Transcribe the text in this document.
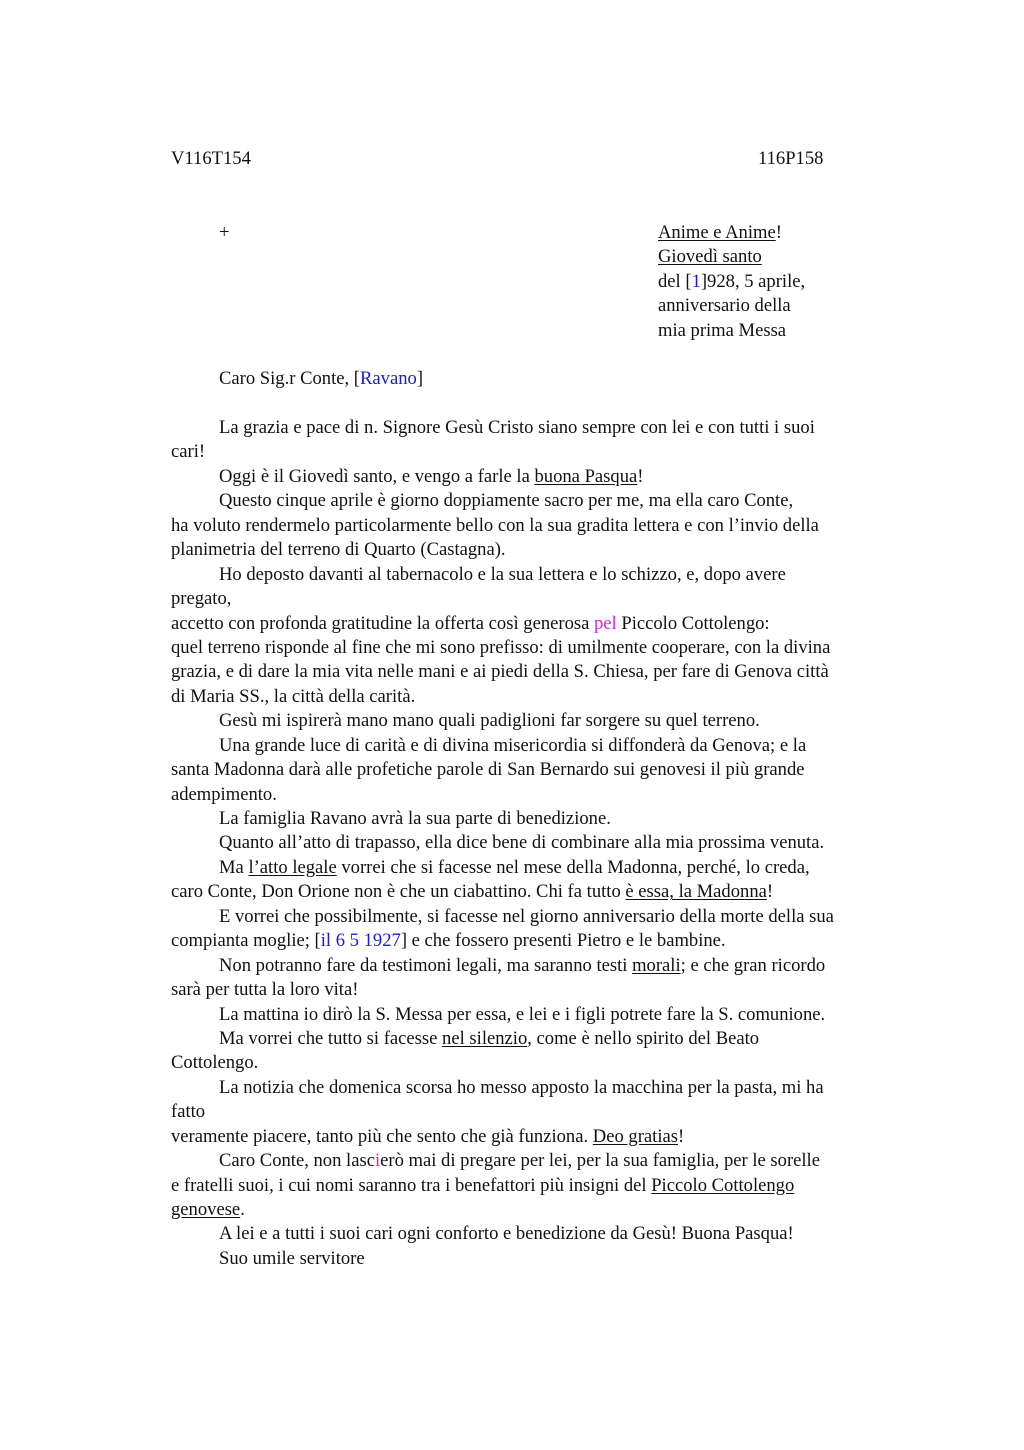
V116T154	116P158
+	Anime e Anime!
Giovedì santo
del [1]928, 5 aprile,
anniversario della
mia prima Messa
Caro Sig.r Conte, [Ravano]
La grazia e pace di n. Signore Gesù Cristo siano sempre con lei e con tutti i suoi
cari!
Oggi è il Giovedì santo, e vengo a farle la buona Pasqua!
Questo cinque aprile è giorno doppiamente sacro per me, ma ella caro Conte,
ha voluto rendermelo particolarmente bello con la sua gradita lettera e con l’invio della
planimetria del terreno di Quarto (Castagna).
Ho deposto davanti al tabernacolo e la sua lettera e lo schizzo, e, dopo avere
pregato,
accetto con profonda gratitudine la offerta così generosa pel Piccolo Cottolengo:
quel terreno risponde al fine che mi sono prefisso: di umilmente cooperare, con la divina
grazia, e di dare la mia vita nelle mani e ai piedi della S. Chiesa, per fare di Genova città
di Maria SS., la città della carità.
Gesù mi ispirerà mano mano quali padiglioni far sorgere su quel terreno.
Una grande luce di carità e di divina misericordia si diffonderà da Genova; e la
santa Madonna darà alle profetiche parole di San Bernardo sui genovesi il più grande
adempimento.
La famiglia Ravano avrà la sua parte di benedizione.
Quanto all’atto di trapasso, ella dice bene di combinare alla mia prossima venuta.
Ma l’atto legale vorrei che si facesse nel mese della Madonna, perché, lo creda,
caro Conte, Don Orione non è che un ciabattino. Chi fa tutto è essa, la Madonna!
E vorrei che possibilmente, si facesse nel giorno anniversario della morte della sua
compianta moglie; [il 6 5 1927] e che fossero presenti Pietro e le bambine.
Non potranno fare da testimoni legali, ma saranno testi morali; e che gran ricordo
sarà per tutta la loro vita!
La mattina io dirò la S. Messa per essa, e lei e i figli potrete fare la S. comunione.
Ma vorrei che tutto si facesse nel silenzio, come è nello spirito del Beato
Cottolengo.
La notizia che domenica scorsa ho messo apposto la macchina per la pasta, mi ha
fatto
veramente piacere, tanto più che sento che già funziona. Deo gratias!
Caro Conte, non lascierò mai di pregare per lei, per la sua famiglia, per le sorelle
e fratelli suoi, i cui nomi saranno tra i benefattori più insigni del Piccolo Cottolengo
genovese.
A lei e a tutti i suoi cari ogni conforto e benedizione da Gesù! Buona Pasqua!
Suo umile servitore
